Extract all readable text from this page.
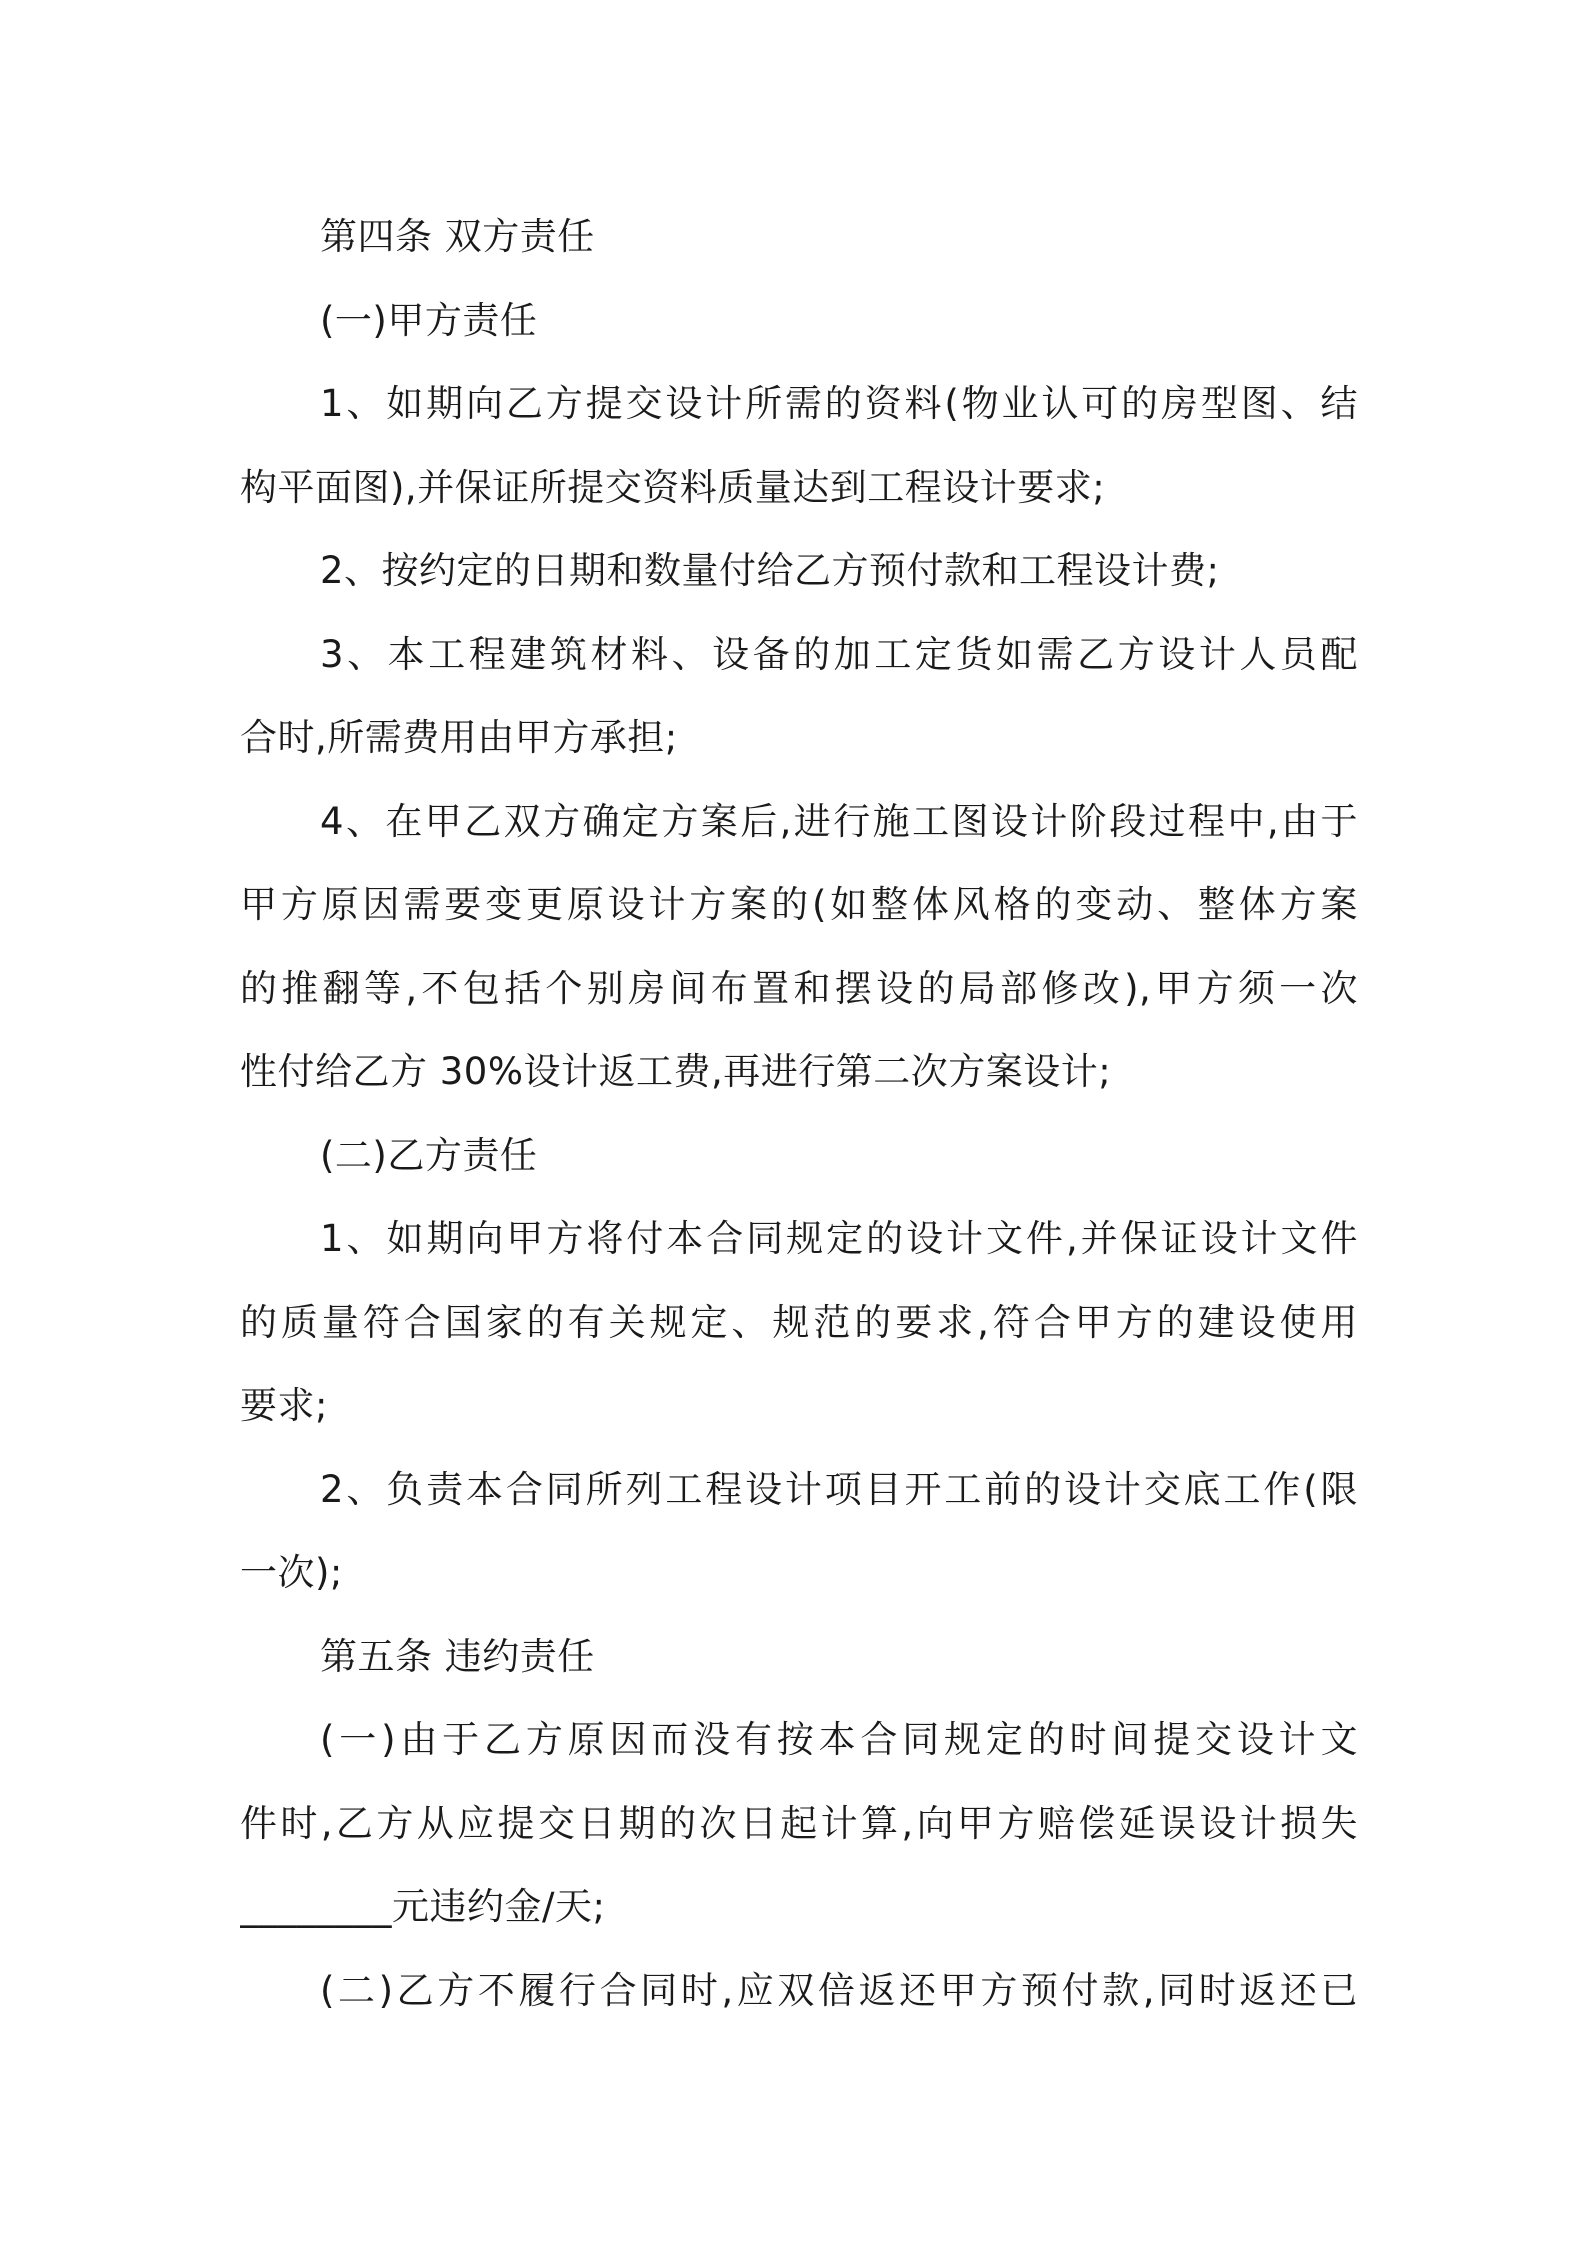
第四条 双方责任
(一)甲方责任
1、如期向乙方提交设计所需的资料(物业认可的房型图、结
构平面图),并保证所提交资料质量达到工程设计要求;
2、按约定的日期和数量付给乙方预付款和工程设计费;
3、本工程建筑材料、设备的加工定货如需乙方设计人员配
合时,所需费用由甲方承担;
4、在甲乙双方确定方案后,进行施工图设计阶段过程中,由于
甲方原因需要变更原设计方案的(如整体风格的变动、整体方案
的推翻等,不包括个别房间布置和摆设的局部修改),甲方须一次
性付给乙方 30%设计返工费,再进行第二次方案设计;
(二)乙方责任
1、如期向甲方将付本合同规定的设计文件,并保证设计文件
的质量符合国家的有关规定、规范的要求,符合甲方的建设使用
要求;
2、负责本合同所列工程设计项目开工前的设计交底工作(限
一次);
第五条 违约责任
(一)由于乙方原因而没有按本合同规定的时间提交设计文
件时,乙方从应提交日期的次日起计算,向甲方赔偿延误设计损失
________元违约金/天;
(二)乙方不履行合同时,应双倍返还甲方预付款,同时返还已
